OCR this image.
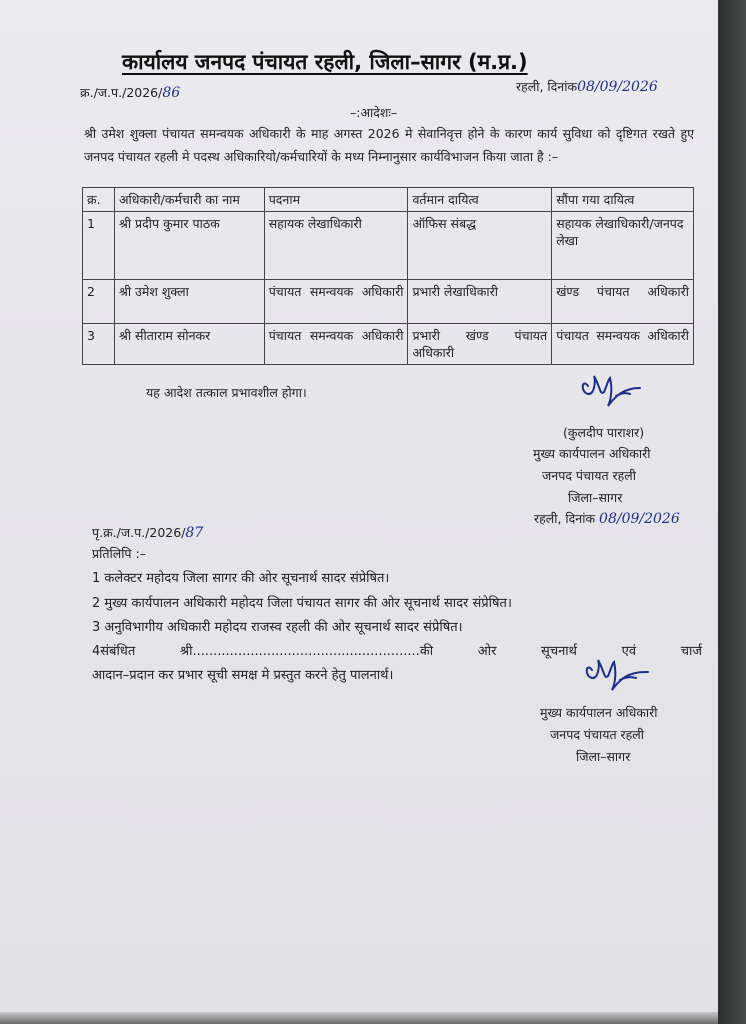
कार्यालय जनपद पंचायत रहली, जिला–सागर (म.प्र.)
क्र./ज.प./2026/86	रहली, दिनांक08/09/2026
–:आदेशः–
श्री उमेश शुक्ला पंचायत समन्वयक अधिकारी के माह अगस्त 2026 मे सेवानिवृत्त होने के कारण कार्य सुविधा को दृष्टिगत रखते हुए जनपद पंचायत रहली मे पदस्थ अधिकारियो/कर्मचारियों के मध्य निम्नानुसार कार्यविभाजन किया जाता है :–
क्र.	अधिकारी/कर्मचारी का नाम	पदनाम	वर्तमान दायित्व	सौंपा गया दायित्व
1	श्री प्रदीप कुमार पाठक	सहायक लेखाधिकारी	ऑफिस संबद्ध	सहायक लेखाधिकारी/जनपद लेखा
2	श्री उमेश शुक्ला	पंचायत समन्वयक अधिकारी	प्रभारी लेखाधिकारी	खंण्ड पंचायत अधिकारी
3	श्री सीताराम सोनकर	पंचायत समन्वयक अधिकारी	प्रभारी खंण्ड पंचायत अधिकारी	पंचायत समन्वयक अधिकारी
यह आदेश तत्काल प्रभावशील होगा।
(कुलदीप पाराशर)
मुख्य कार्यपालन अधिकारी
जनपद पंचायत रहली
जिला–सागर
रहली, दिनांक 08/09/2026
पृ.क्र./ज.प./2026/87
प्रतिलिपि :–
1 कलेक्टर महोदय जिला सागर की ओर सूचनार्थ सादर संप्रेषित।
2 मुख्य कार्यपालन अधिकारी महोदय जिला पंचायत सागर की ओर सूचनार्थ सादर संप्रेषित।
3 अनुविभागीय अधिकारी महोदय राजस्व रहली की ओर सूचनार्थ सादर संप्रेषित।
4संबंधित श्री.......................................................की ओर सूचनार्थ एवं चार्ज
आदान–प्रदान कर प्रभार सूची समक्ष मे प्रस्तुत करने हेतु पालनार्थ।
मुख्य कार्यपालन अधिकारी
जनपद पंचायत रहली
जिला–सागर
